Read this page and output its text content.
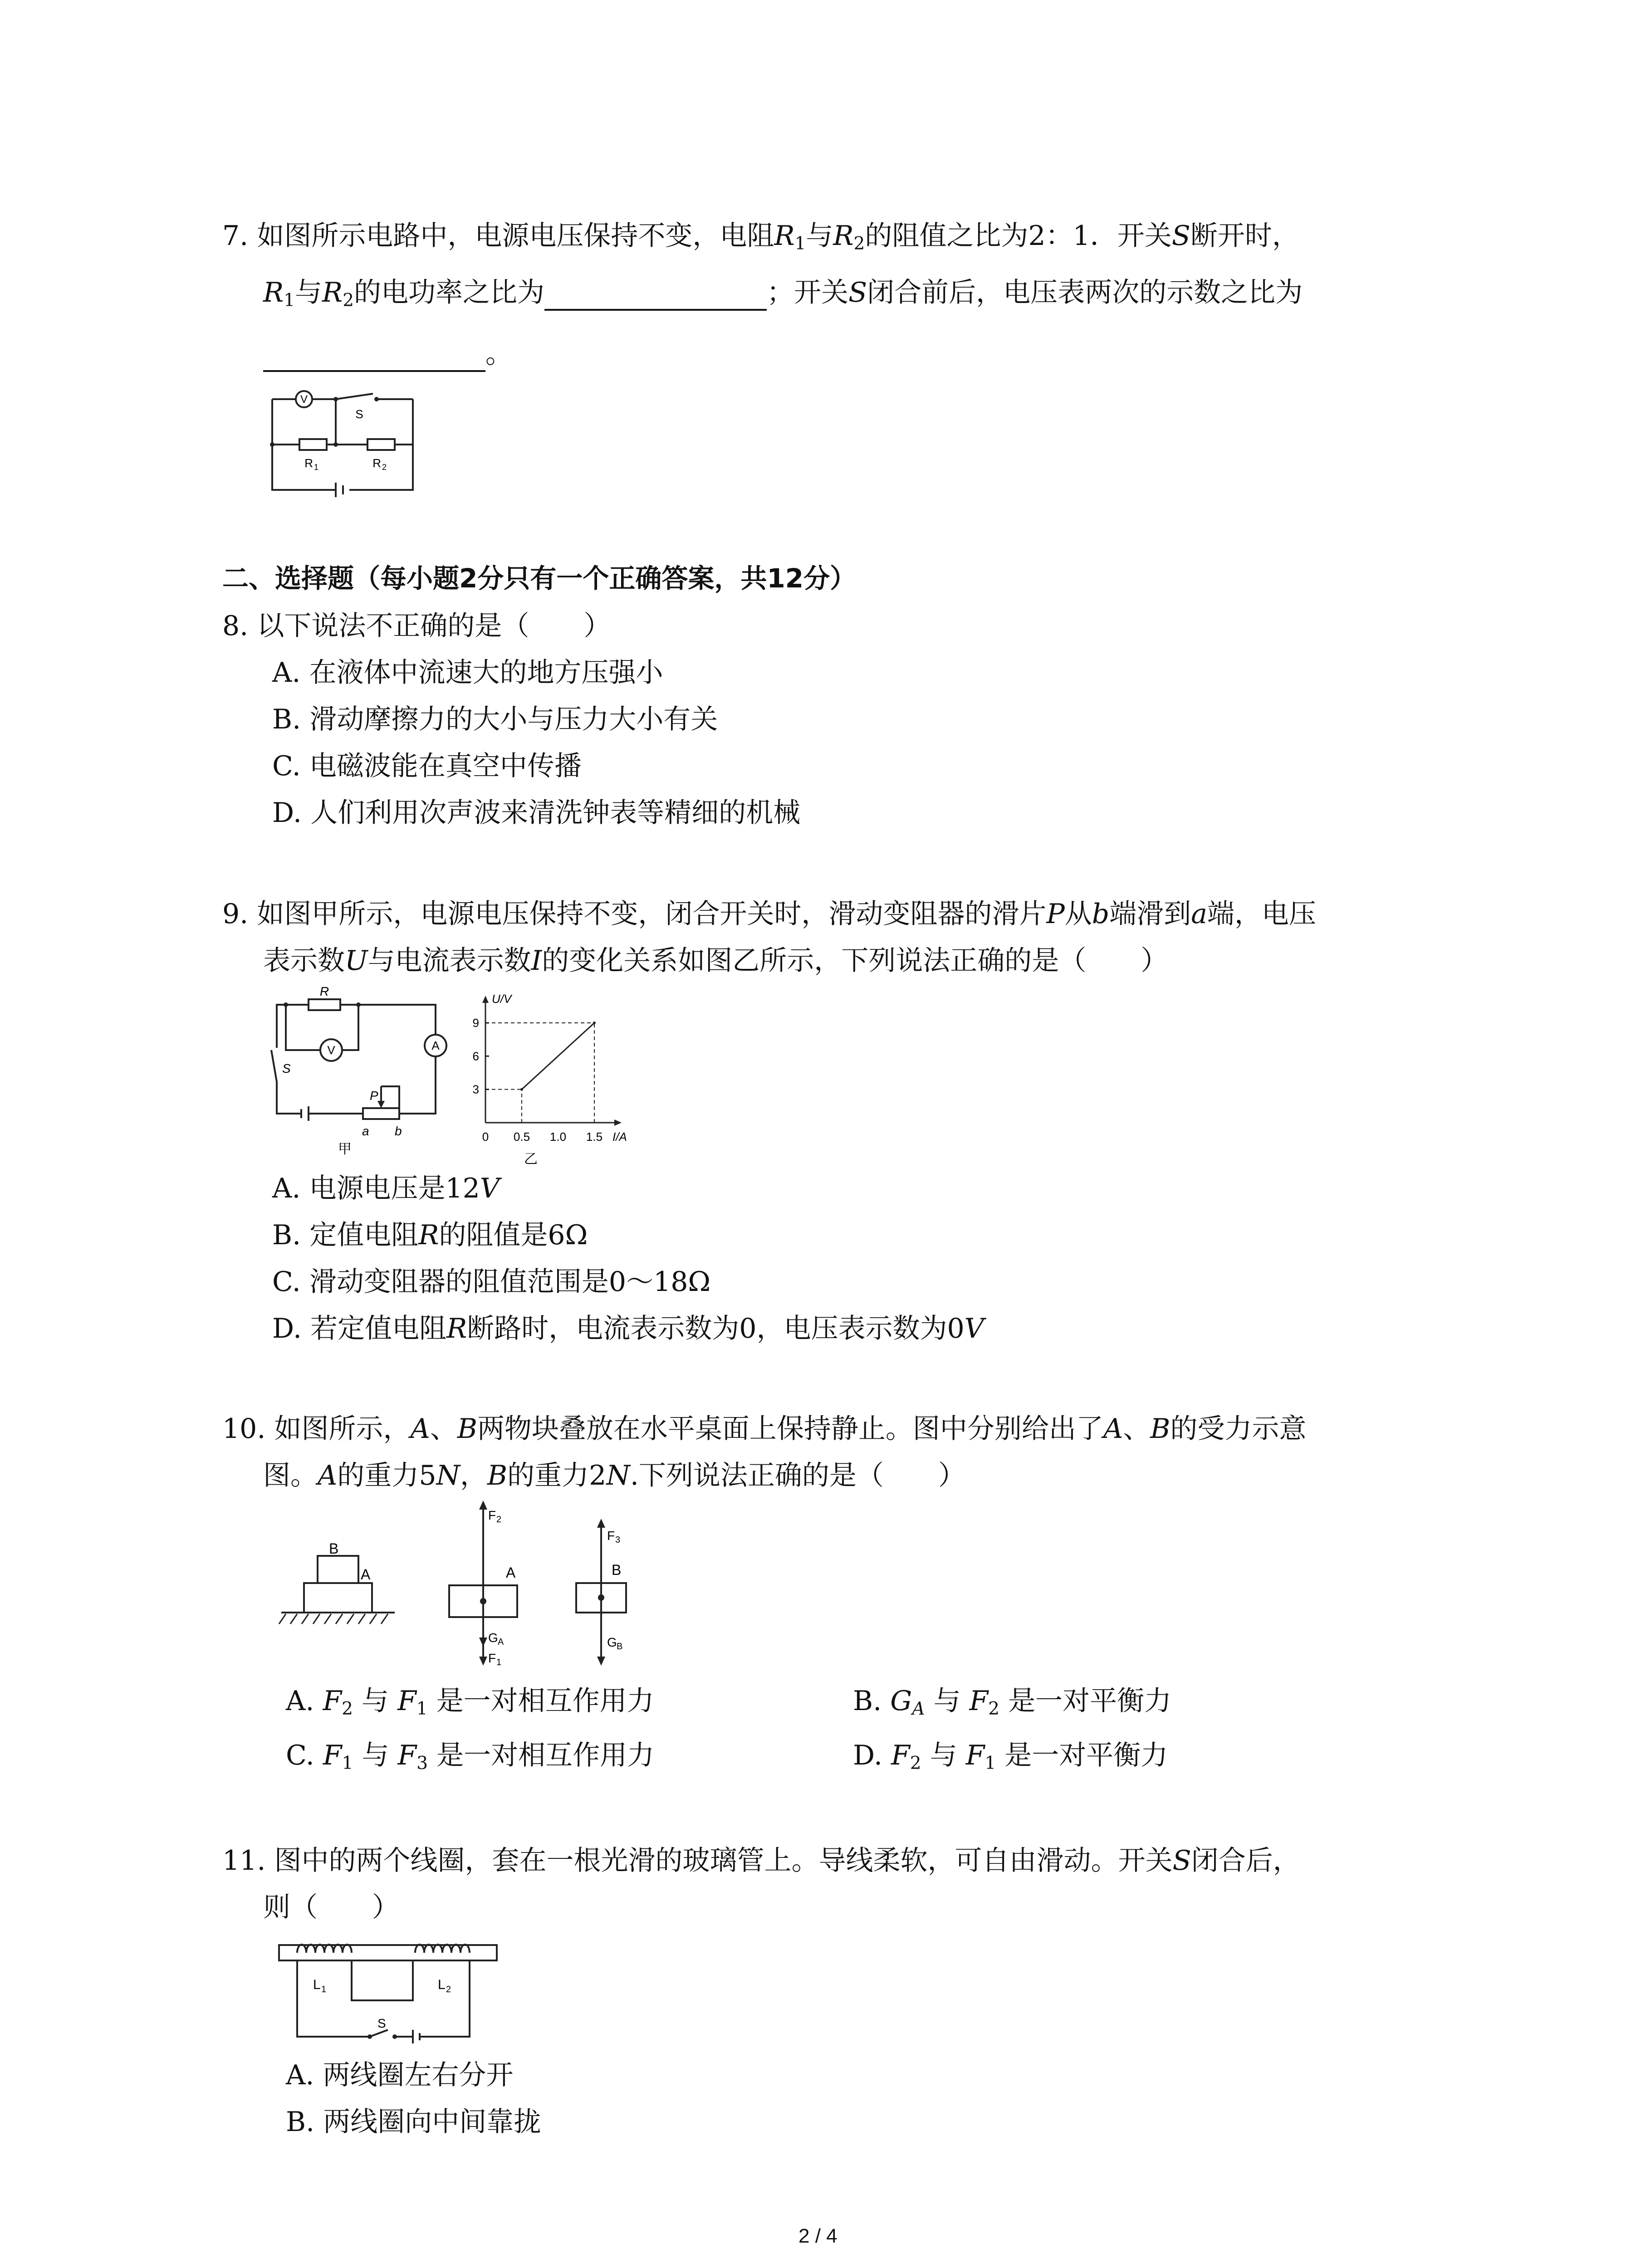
7. 如图所示电路中，电源电压保持不变，电阻$R_1$与$R_2$的阻值之比为2：1．开关S断开时，
$R_1$与$R_2$的电功率之比为	；开关S闭合前后，电压表两次的示数之比为
。
V
S
R 1	R 2
二、选择题（每小题2分只有一个正确答案，共12分）
8. 以下说法不正确的是（　　）
A. 在液体中流速大的地方压强小
B. 滑动摩擦力的大小与压力大小有关
C. 电磁波能在真空中传播
D. 人们利用次声波来清洗钟表等精细的机械
9. 如图甲所示，电源电压保持不变，闭合开关时，滑动变阻器的滑片P从b端滑到a端，电压
表示数U与电流表示数I的变化关系如图乙所示，下列说法正确的是（　　）
R
V	A
S
P
a b
甲
I/A
U/V
0 0.5 1.0 1.5
3
6
9
乙
A. 电源电压是12V
B. 定值电阻R的阻值是6Ω
C. 滑动变阻器的阻值范围是0～18Ω
D. 若定值电阻R断路时，电流表示数为0，电压表示数为0V
10. 如图所示，A、B两物块叠放在水平桌面上保持静止。图中分别给出了A、B的受力示意
图。A的重力5N，B的重力2N.下列说法正确的是（　　）
B
A
F 2
A
G A
F 1
F 3
B
G B
A. $F_2$ 与 $F_1$ 是一对相互作用力	B. $G_A$ 与 $F_2$ 是一对平衡力
C. $F_1$ 与 $F_3$ 是一对相互作用力	D. $F_2$ 与 $F_1$ 是一对平衡力
11. 图中的两个线圈，套在一根光滑的玻璃管上。导线柔软，可自由滑动。开关S闭合后，
则（　　）
L 1	L 2
S
A. 两线圈左右分开
B. 两线圈向中间靠拢
2 / 4
